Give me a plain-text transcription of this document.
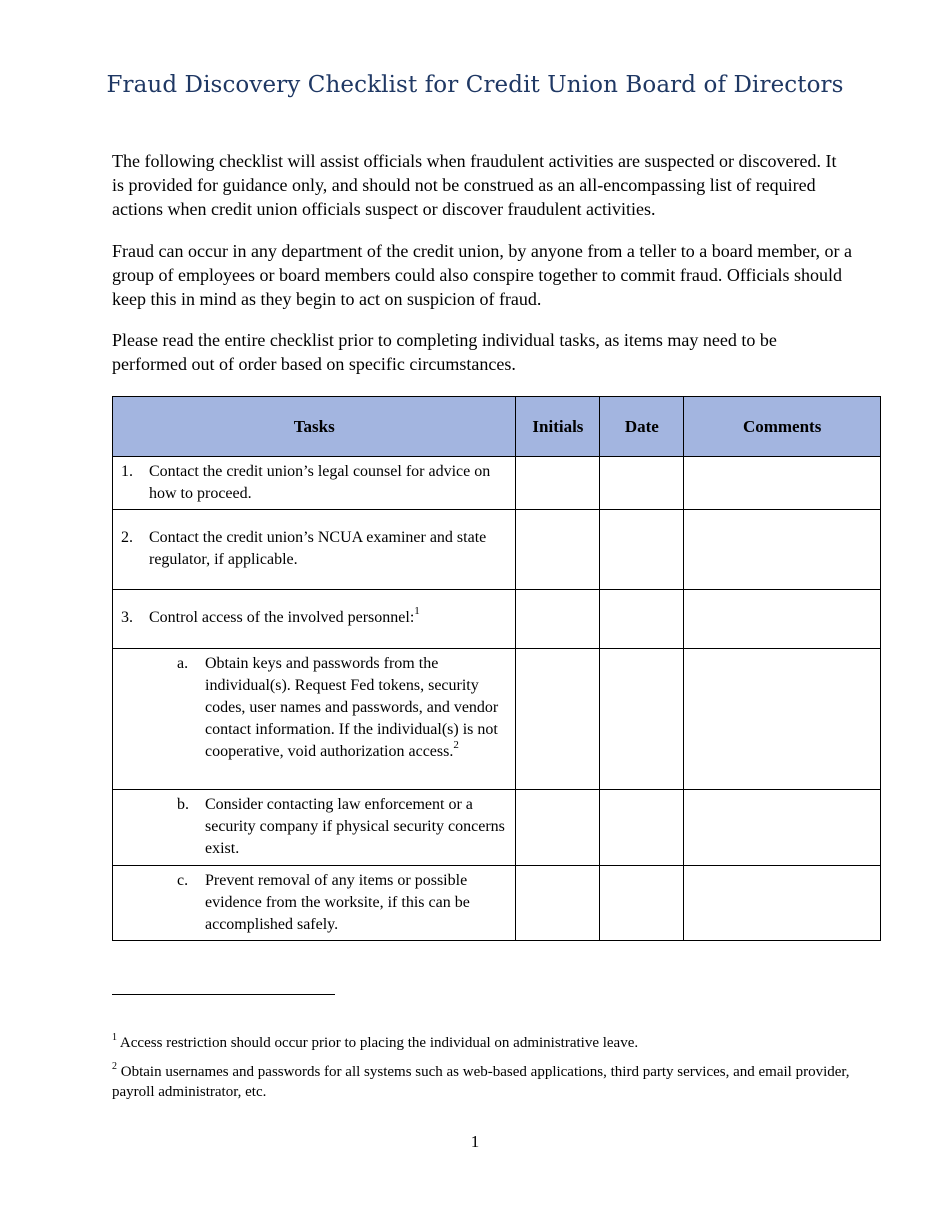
Fraud Discovery Checklist for Credit Union Board of Directors

The following checklist will assist officials when fraudulent activities are suspected or discovered. It is provided for guidance only, and should not be construed as an all-encompassing list of required actions when credit union officials suspect or discover fraudulent activities.

Fraud can occur in any department of the credit union, by anyone from a teller to a board member, or a group of employees or board members could also conspire together to commit fraud. Officials should keep this in mind as they begin to act on suspicion of fraud.

Please read the entire checklist prior to completing individual tasks, as items may need to be performed out of order based on specific circumstances.

Tasks	Initials	Date	Comments

1. Contact the credit union’s legal counsel for advice on how to proceed.			

2. Contact the credit union’s NCUA examiner and state regulator, if applicable.			

3. Control access of the involved personnel:$^1$

a. Obtain keys and passwords from the individual(s). Request Fed tokens, security codes, user names and passwords, and vendor contact information. If the individual(s) is not cooperative, void authorization access.$^2$

b. Consider contacting law enforcement or a security company if physical security concerns exist.			

c. Prevent removal of any items or possible evidence from the worksite, if this can be accomplished safely.			

$^1$ Access restriction should occur prior to placing the individual on administrative leave.

$^2$ Obtain usernames and passwords for all systems such as web-based applications, third party services, and email provider, payroll administrator, etc.

1
